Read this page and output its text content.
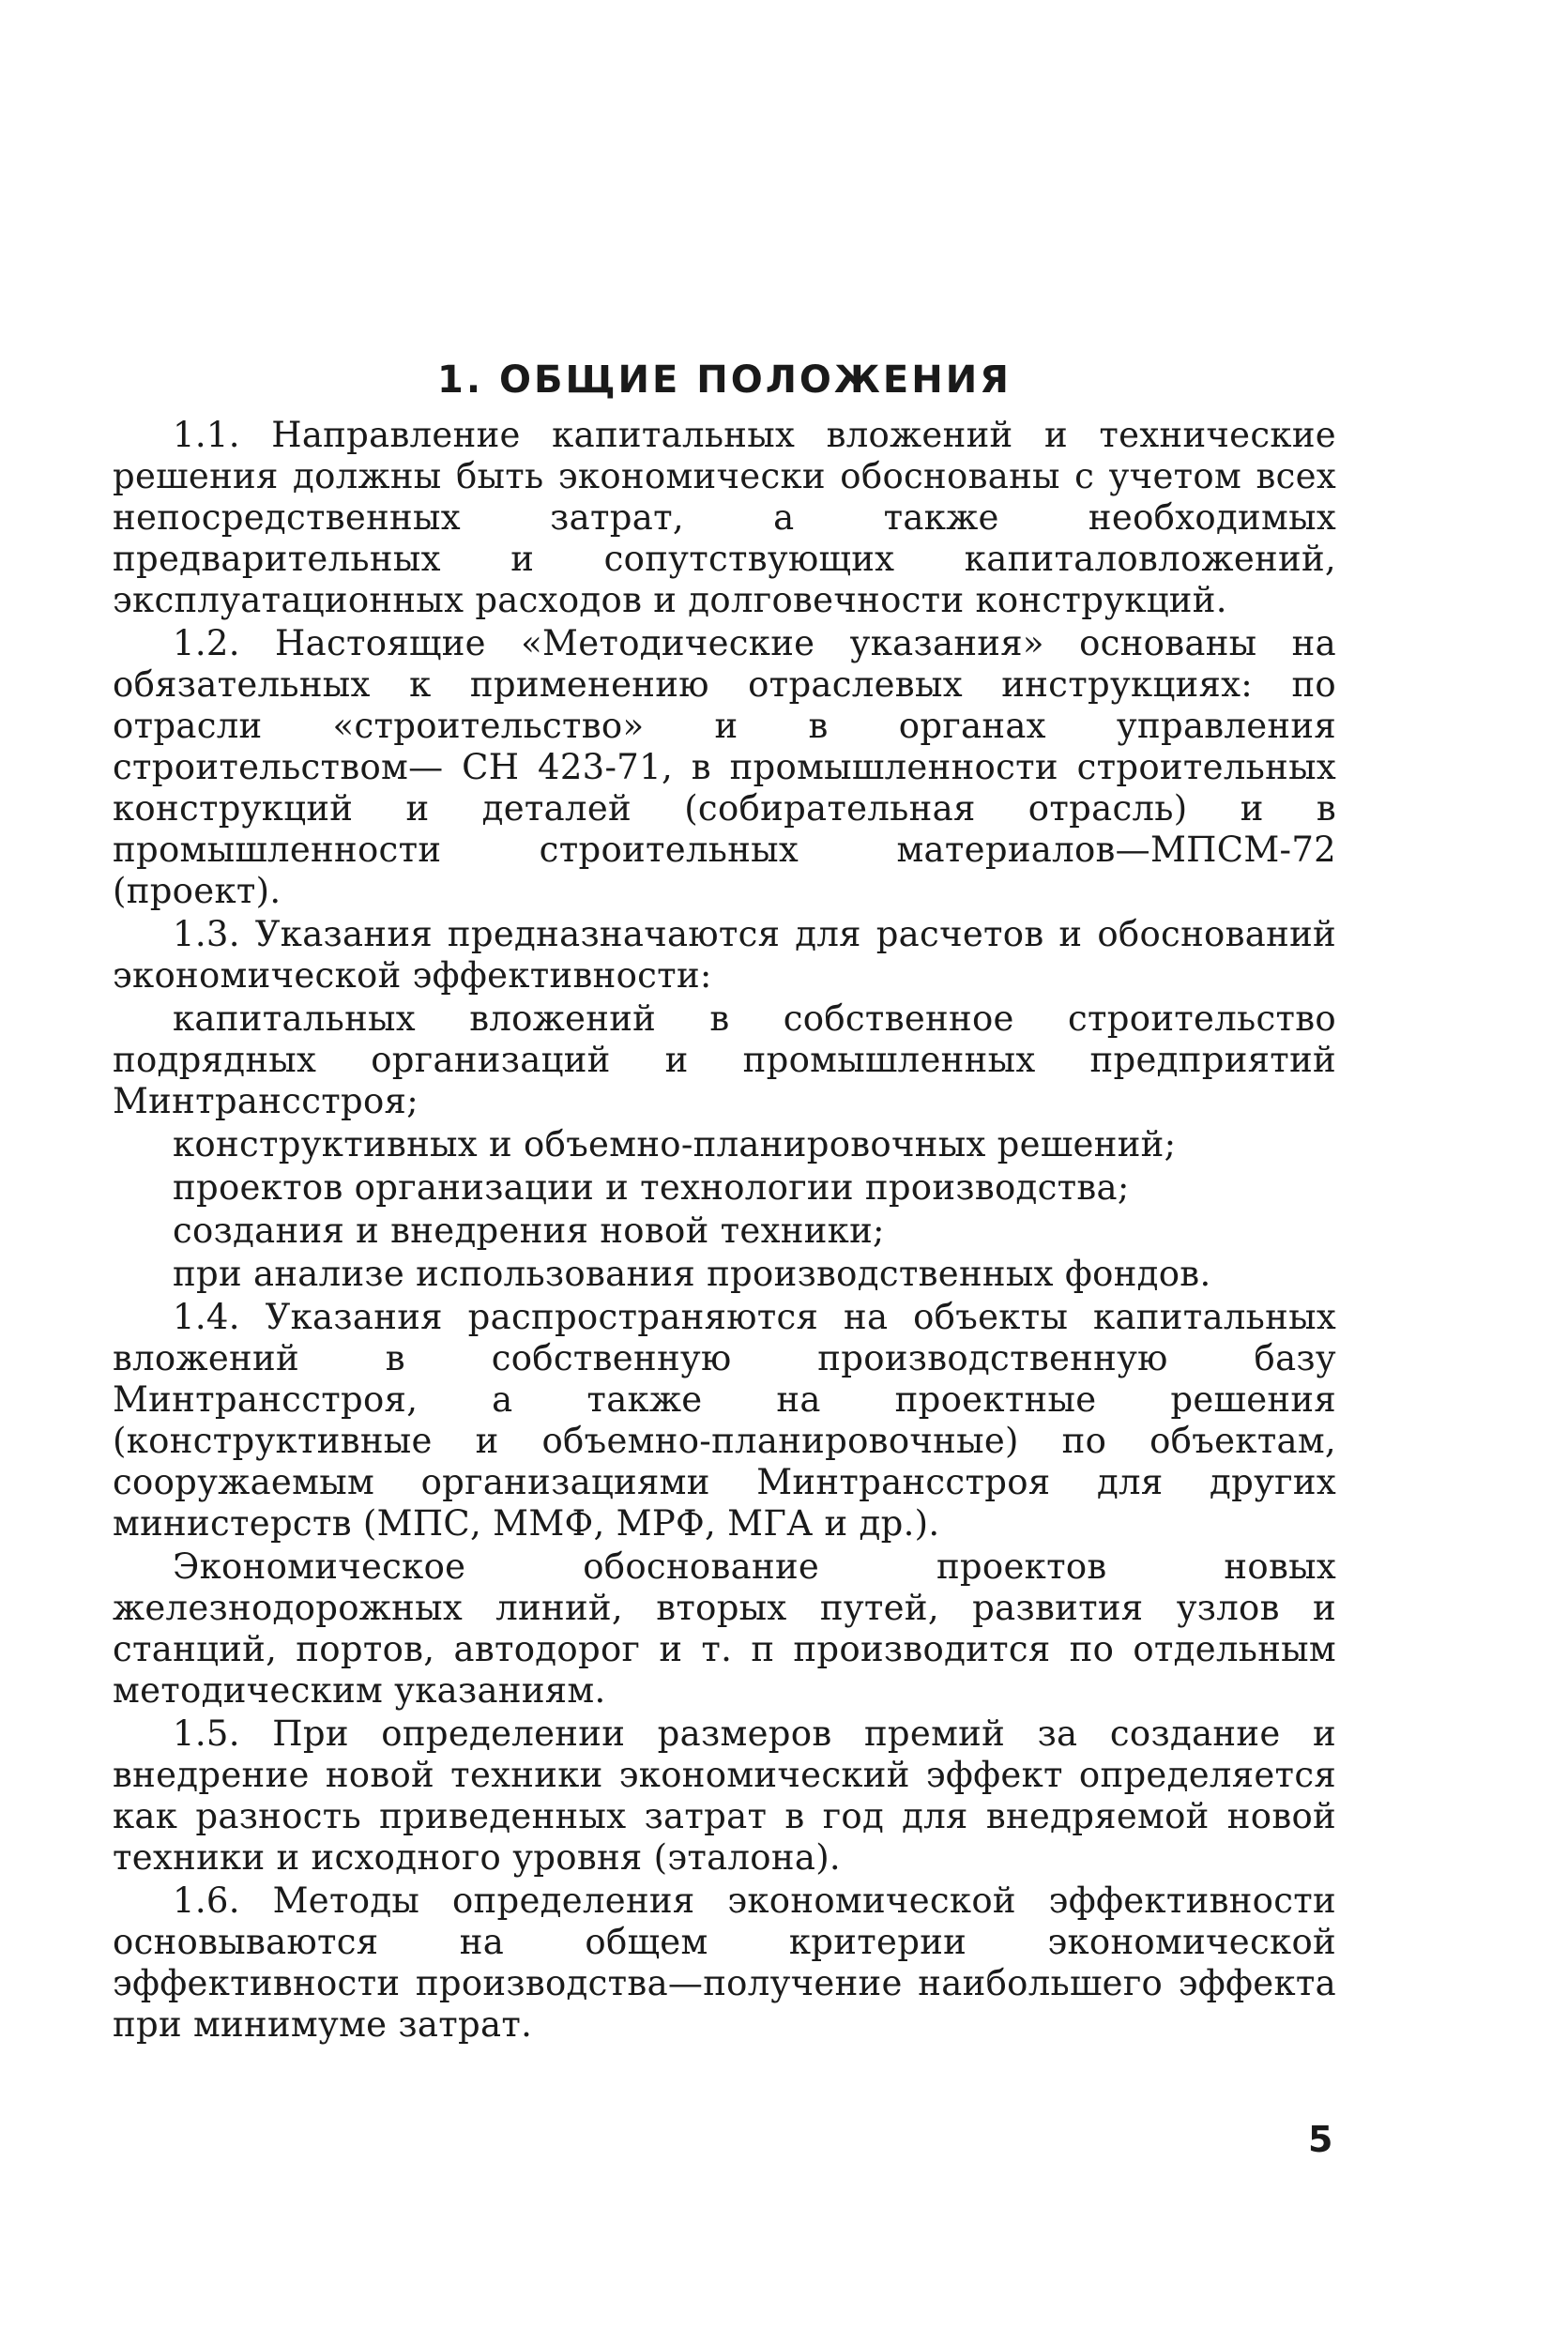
1. ОБЩИЕ ПОЛОЖЕНИЯ

1.1. Направление капитальных вложений и технические решения должны быть экономически обоснованы с учетом всех непосредственных затрат, а также необходимых предварительных и сопутствующих капиталовложений, эксплуатационных расходов и долговечности конструкций.

1.2. Настоящие «Методические указания» основаны на обязательных к применению отраслевых инструкциях: по отрасли «строительство» и в органах управления строительством— СН 423-71, в промышленности строительных конструкций и деталей (собирательная отрасль) и в промышленности строительных материалов—МПСМ-72 (проект).

1.3. Указания предназначаются для расчетов и обоснований экономической эффективности:

капитальных вложений в собственное строительство подрядных организаций и промышленных предприятий Минтрансстроя;

конструктивных и объемно-планировочных решений;

проектов организации и технологии производства;

создания и внедрения новой техники;

при анализе использования производственных фондов.

1.4. Указания распространяются на объекты капитальных вложений в собственную производственную базу Минтрансстроя, а также на проектные решения (конструктивные и объемно-планировочные) по объектам, сооружаемым организациями Минтрансстроя для других министерств (МПС, ММФ, МРФ, МГА и др.).

Экономическое обоснование проектов новых железнодорожных линий, вторых путей, развития узлов и станций, портов, автодорог и т. п производится по отдельным методическим указаниям.

1.5. При определении размеров премий за создание и внедрение новой техники экономический эффект определяется как разность приведенных затрат в год для внедряемой новой техники и исходного уровня (эталона).

1.6. Методы определения экономической эффективности основываются на общем критерии экономической эффективности производства—получение наибольшего эффекта при минимуме затрат.

5
